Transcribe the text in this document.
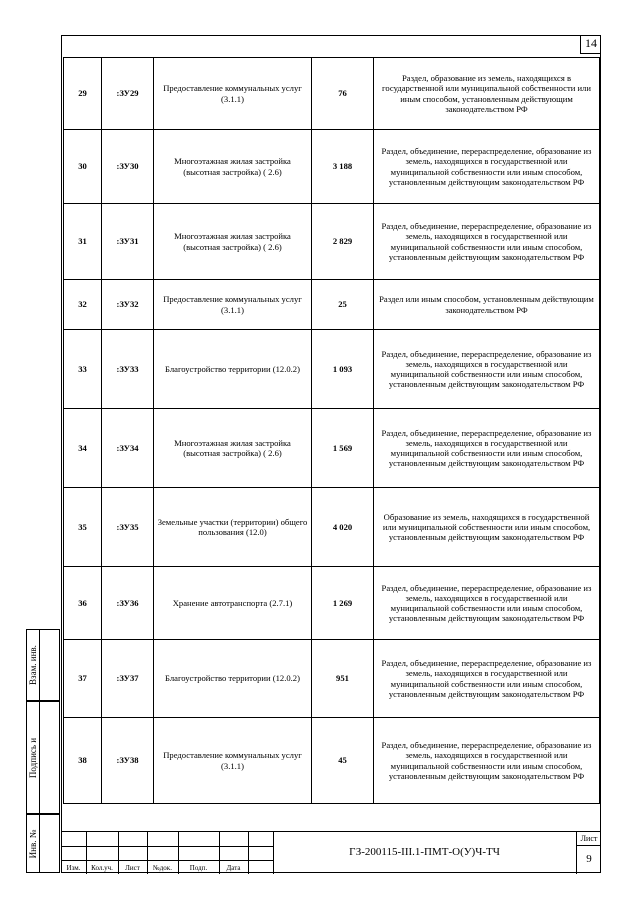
14
29	:ЗУ29	Предоставление коммунальных услуг (3.1.1)	76	Раздел, образование из земель, находящихся в государственной или муниципальной собственности или иным способом, установленным действующим законодательством РФ
30	:ЗУ30	Многоэтажная жилая застройка (высотная застройка) ( 2.6)	3 188	Раздел, объединение, перераспределение, образование из земель, находящихся в государственной или муниципальной собственности или иным способом, установленным действующим законодательством РФ
31	:ЗУ31	Многоэтажная жилая застройка (высотная застройка) ( 2.6)	2 829	Раздел, объединение, перераспределение, образование из земель, находящихся в государственной или муниципальной собственности или иным способом, установленным действующим законодательством РФ
32	:ЗУ32	Предоставление коммунальных услуг (3.1.1)	25	Раздел или иным способом, установленным действующим законодательством РФ
33	:ЗУ33	Благоустройство территории (12.0.2)	1 093	Раздел, объединение, перераспределение, образование из земель, находящихся в государственной или муниципальной собственности или иным способом, установленным действующим законодательством РФ
34	:ЗУ34	Многоэтажная жилая застройка (высотная застройка) ( 2.6)	1 569	Раздел, объединение, перераспределение, образование из земель, находящихся в государственной или муниципальной собственности или иным способом, установленным действующим законодательством РФ
35	:ЗУ35	Земельные участки (территории) общего пользования (12.0)	4 020	Образование из земель, находящихся в государственной или муниципальной собственности или иным способом, установленным действующим законодательством РФ
36	:ЗУ36	Хранение автотранспорта (2.7.1)	1 269	Раздел, объединение, перераспределение, образование из земель, находящихся в государственной или муниципальной собственности или иным способом, установленным действующим законодательством РФ
37	:ЗУ37	Благоустройство территории (12.0.2)	951	Раздел, объединение, перераспределение, образование из земель, находящихся в государственной или муниципальной собственности или иным способом, установленным действующим законодательством РФ
38	:ЗУ38	Предоставление коммунальных услуг (3.1.1)	45	Раздел, объединение, перераспределение, образование из земель, находящихся в государственной или муниципальной собственности или иным способом, установленным действующим законодательством РФ
Взам. инв.
Подпись и
Инв. №
Изм.	Кол.уч.	Лист	№док.	Подп.	Дата
ГЗ-200115-III.1-ПМТ-О(У)Ч-ТЧ
Лист
9
